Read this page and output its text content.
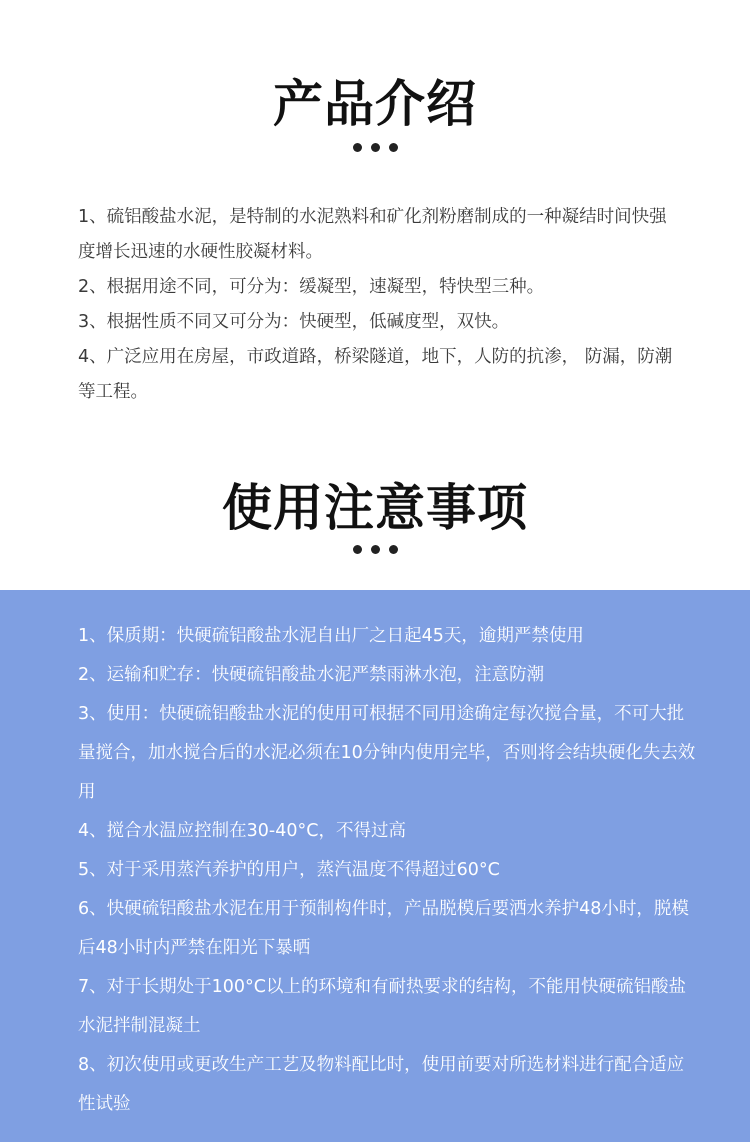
产品介绍
1、硫铝酸盐水泥，是特制的水泥熟料和矿化剂粉磨制成的一种凝结时间快强度增长迅速的水硬性胶凝材料。
2、根据用途不同，可分为：缓凝型，速凝型，特快型三种。
3、根据性质不同又可分为：快硬型，低碱度型，双快。
4、广泛应用在房屋，市政道路，桥梁隧道，地下，人防的抗渗， 防漏，防潮等工程。
使用注意事项
1、保质期：快硬硫铝酸盐水泥自出厂之日起45天，逾期严禁使用
2、运输和贮存：快硬硫铝酸盐水泥严禁雨淋水泡，注意防潮
3、使用：快硬硫铝酸盐水泥的使用可根据不同用途确定每次搅合量，不可大批量搅合，加水搅合后的水泥必须在10分钟内使用完毕，否则将会结块硬化失去效用
4、搅合水温应控制在30-40°C，不得过高
5、对于采用蒸汽养护的用户，蒸汽温度不得超过60°C
6、快硬硫铝酸盐水泥在用于预制构件时，产品脱模后要洒水养护48小时，脱模后48小时内严禁在阳光下暴晒
7、对于长期处于100°C以上的环境和有耐热要求的结构，不能用快硬硫铝酸盐水泥拌制混凝土
8、初次使用或更改生产工艺及物料配比时，使用前要对所选材料进行配合适应性试验
